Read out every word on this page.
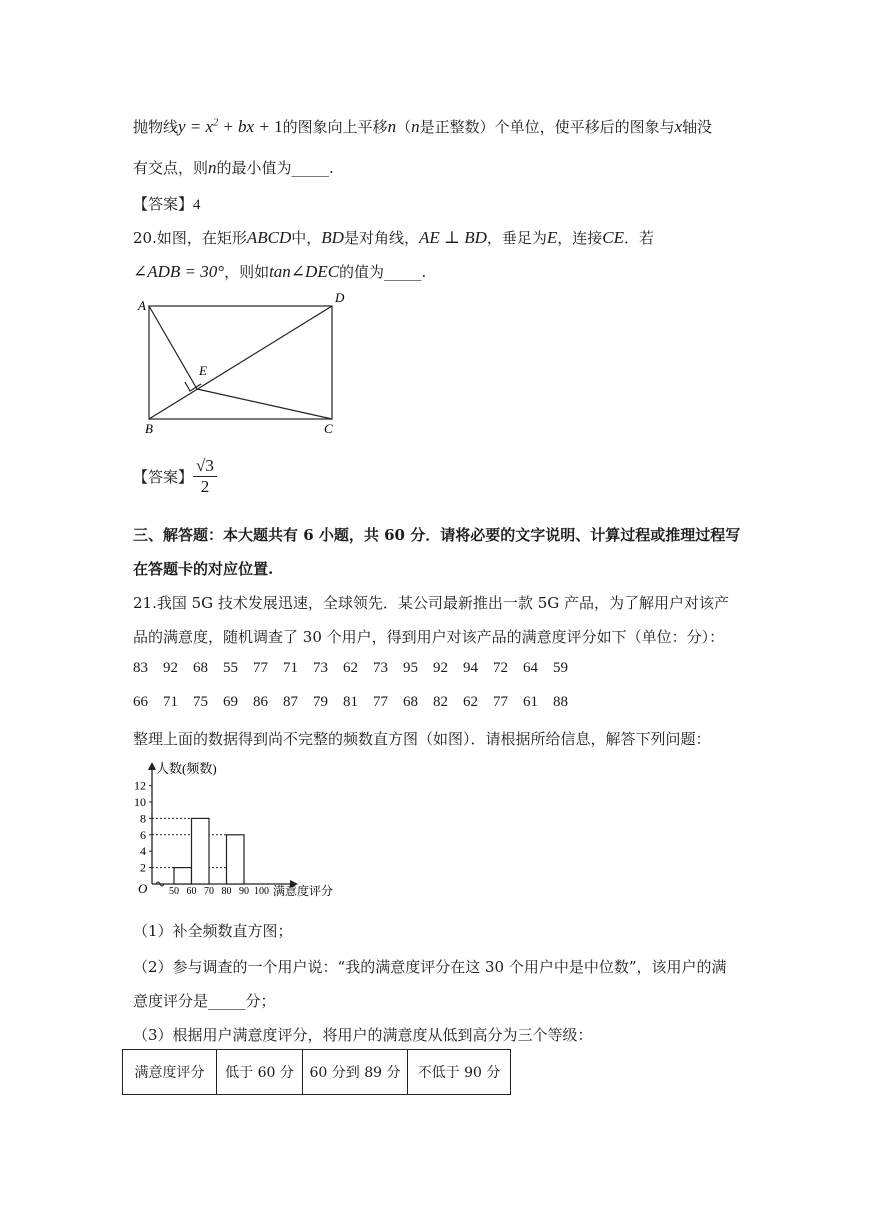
抛物线$y = x^2$ + bx + 1的图象向上平移n（n是正整数）个单位，使平移后的图象与x轴没
有交点，则n的最小值为_____.
【答案】4
20.如图，在矩形ABCD中，BD是对角线，AE ⊥ BD，垂足为E，连接CE．若
∠ADB = 30°，则如tan∠DEC的值为_____.
A
D
E
B	C
【答案】 $\frac{√3}{2}$
三、解答题：本大题共有 6 小题，共 60 分．请将必要的文字说明、计算过程或推理过程写
在答题卡的对应位置.
21.我国 5G 技术发展迅速，全球领先．某公司最新推出一款 5G 产品，为了解用户对该产
品的满意度，随机调查了 30 个用户，得到用户对该产品的满意度评分如下（单位：分）：
83 92 68 55 77 71 73 62 73 95 92 94 72 64 59
66 71 75 69 86 87 79 81 77 68 82 62 77 61 88
整理上面的数据得到尚不完整的频数直方图（如图）．请根据所给信息，解答下列问题：
2
4
6
8
10
12
50 60 70 80 90 100
O
人数(频数)
满意度评分
（1）补全频数直方图；
（2）参与调查的一个用户说：“我的满意度评分在这 30 个用户中是中位数”，该用户的满
意度评分是_____分；
（3）根据用户满意度评分，将用户的满意度从低到高分为三个等级：
满意度评分	低于 60 分	60 分到 89 分	不低于 90 分
